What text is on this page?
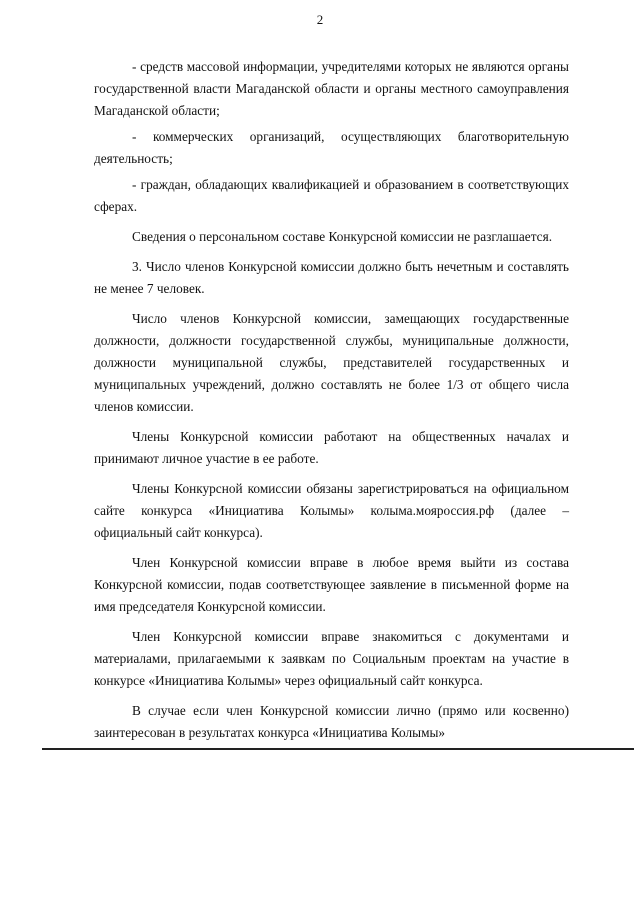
2

- средств массовой информации, учредителями которых не являются органы государственной власти Магаданской области и органы местного самоуправления Магаданской области;

- коммерческих организаций, осуществляющих благотворительную деятельность;

- граждан, обладающих квалификацией и образованием в соответствующих сферах.

Сведения о персональном составе Конкурсной комиссии не разглашается.

3. Число членов Конкурсной комиссии должно быть нечетным и составлять не менее 7 человек.

Число членов Конкурсной комиссии, замещающих государственные должности, должности государственной службы, муниципальные должности, должности муниципальной службы, представителей государственных и муниципальных учреждений, должно составлять не более 1/3 от общего числа членов комиссии.

Члены Конкурсной комиссии работают на общественных началах и принимают личное участие в ее работе.

Члены Конкурсной комиссии обязаны зарегистрироваться на официальном сайте конкурса «Инициатива Колымы» колыма.мояроссия.рф (далее – официальный сайт конкурса).

Член Конкурсной комиссии вправе в любое время выйти из состава Конкурсной комиссии, подав соответствующее заявление в письменной форме на имя председателя Конкурсной комиссии.

Член Конкурсной комиссии вправе знакомиться с документами и материалами, прилагаемыми к заявкам по Социальным проектам на участие в конкурсе «Инициатива Колымы» через официальный сайт конкурса.

В случае если член Конкурсной комиссии лично (прямо или косвенно) заинтересован в результатах конкурса «Инициатива Колымы»
